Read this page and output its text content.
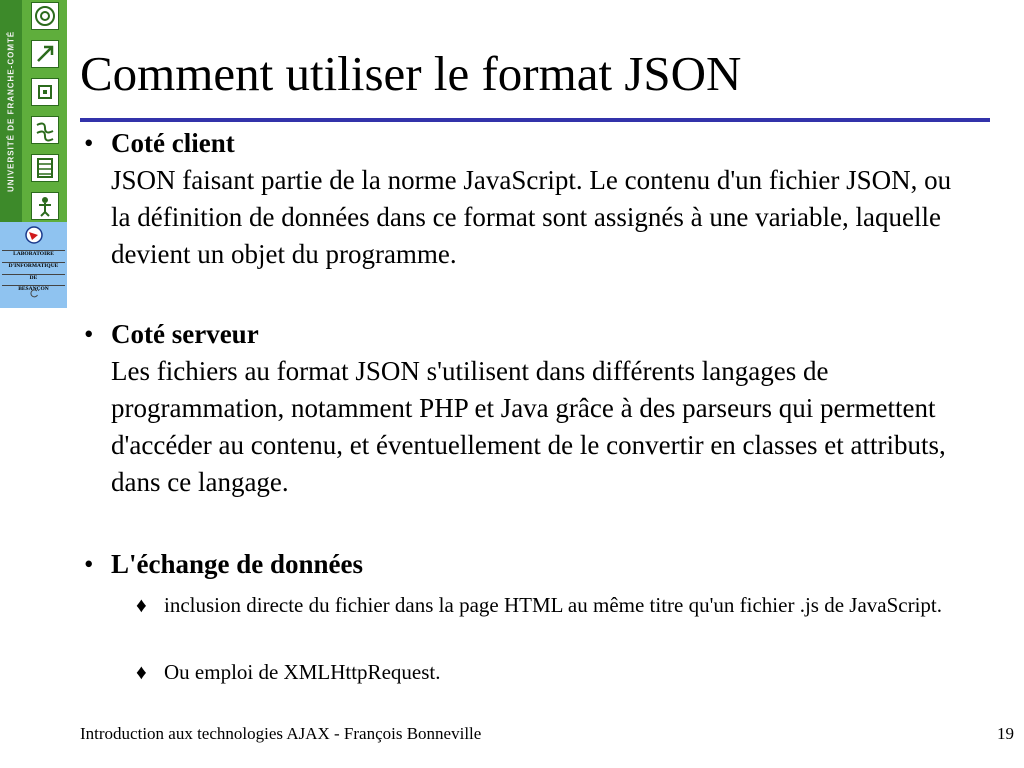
UNIVERSITÉ DE FRANCHE-COMTÉ
LABORATOIRE
D'INFORMATIQUE
DE
BESANÇON
Comment utiliser le format JSON
• Coté client
JSON faisant partie de la norme JavaScript. Le contenu d'un fichier JSON, ou la définition de données dans ce format sont assignés à une variable, laquelle devient un objet du programme.
• Coté serveur
Les fichiers au format JSON s'utilisent dans différents langages de programmation, notamment PHP et Java grâce à des parseurs qui permettent d'accéder au contenu, et éventuellement de le convertir en classes et attributs, dans ce langage.
• L'échange de données
♦ inclusion directe du fichier dans la page HTML au même titre qu'un fichier .js de JavaScript.
♦ Ou emploi de XMLHttpRequest.
Introduction aux technologies AJAX - François Bonneville	19
